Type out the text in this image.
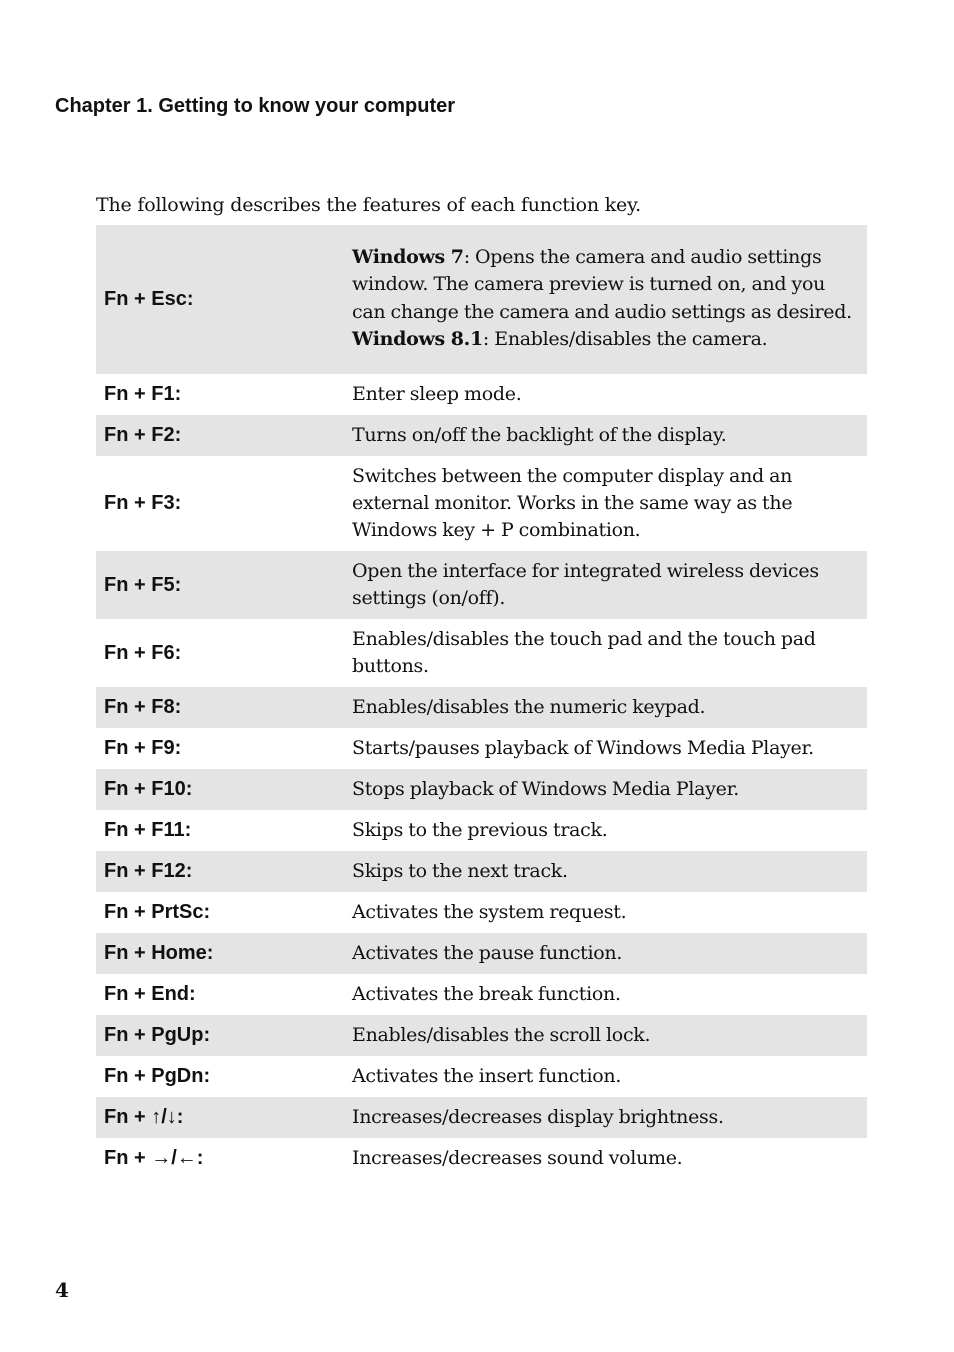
Chapter 1. Getting to know your computer

The following describes the features of each function key.

Fn + Esc:	Windows 7: Opens the camera and audio settings window. The camera preview is turned on, and you can change the camera and audio settings as desired.
Windows 8.1: Enables/disables the camera.

Fn + F1:	Enter sleep mode.
Fn + F2:	Turns on/off the backlight of the display.
Fn + F3:	Switches between the computer display and an external monitor. Works in the same way as the Windows key + P combination.
Fn + F5:	Open the interface for integrated wireless devices settings (on/off).
Fn + F6:	Enables/disables the touch pad and the touch pad buttons.
Fn + F8:	Enables/disables the numeric keypad.
Fn + F9:	Starts/pauses playback of Windows Media Player.
Fn + F10:	Stops playback of Windows Media Player.
Fn + F11:	Skips to the previous track.
Fn + F12:	Skips to the next track.
Fn + PrtSc:	Activates the system request.
Fn + Home:	Activates the pause function.
Fn + End:	Activates the break function.
Fn + PgUp:	Enables/disables the scroll lock.
Fn + PgDn:	Activates the insert function.
Fn + ↑/↓:	Increases/decreases display brightness.
Fn + →/←:	Increases/decreases sound volume.

4
